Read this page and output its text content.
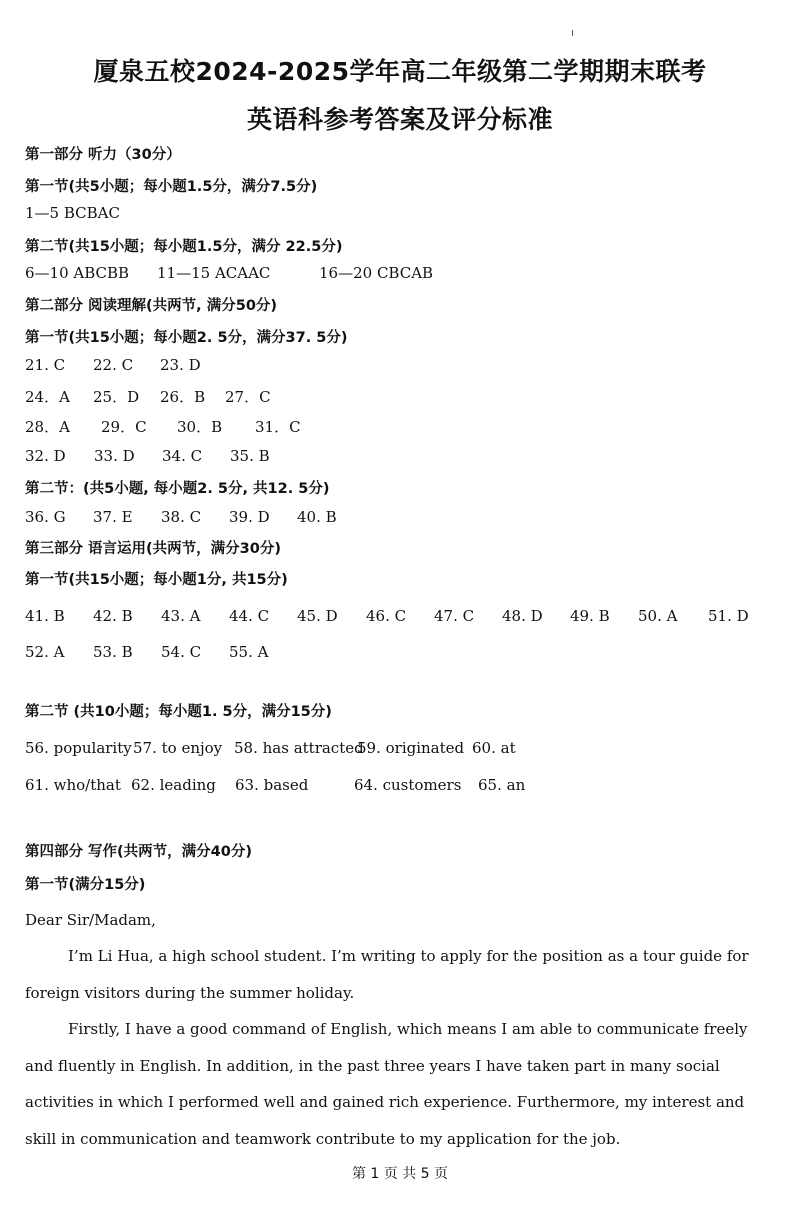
厦泉五校2024-2025学年高二年级第二学期期末联考
英语科参考答案及评分标准
第一部分 听力（30分）
第一节(共5小题；每小题1.5分，满分7.5分)
1—5 BCBAC
第二节(共15小题；每小题1.5分，满分 22.5分)
6—10 ABCBB 11—15 ACAAC	16—20 CBCAB
第二部分 阅读理解(共两节, 满分50分)
第一节(共15小题；每小题2. 5分，满分37. 5分)
21. C 22. C 23. D
24．A 25．D 26．B 27．C
28．A 29．C 30．B 31．C
32. D 33. D 34. C 35. B
第二节：(共5小题, 每小题2. 5分, 共12. 5分)
36. G 37. E 38. C 39. D 40. B
第三部分 语言运用(共两节，满分30分)
第一节(共15小题；每小题1分, 共15分)
41. B 42. B 43. A 44. C 45. D 46. C 47. C 48. D 49. B 50. A 51. D
52. A 53. B 54. C 55. A
第二节 (共10小题；每小题1. 5分，满分15分)
56. popularity 57. to enjoy 58. has attracted
59. originated 60. at
61. who/that 62. leading 63. based	64. customers 65. an
第四部分 写作(共两节，满分40分)
第一节(满分15分)
Dear Sir/Madam,
I’m Li Hua, a high school student. I’m writing to apply for the position as a tour guide for foreign visitors during the summer holiday.
Firstly, I have a good command of English, which means I am able to communicate freely and fluently in English. In addition, in the past three years I have taken part in many social activities in which I performed well and gained rich experience. Furthermore, my interest and skill in communication and teamwork contribute to my application for the job.
第 1 页 共 5 页
